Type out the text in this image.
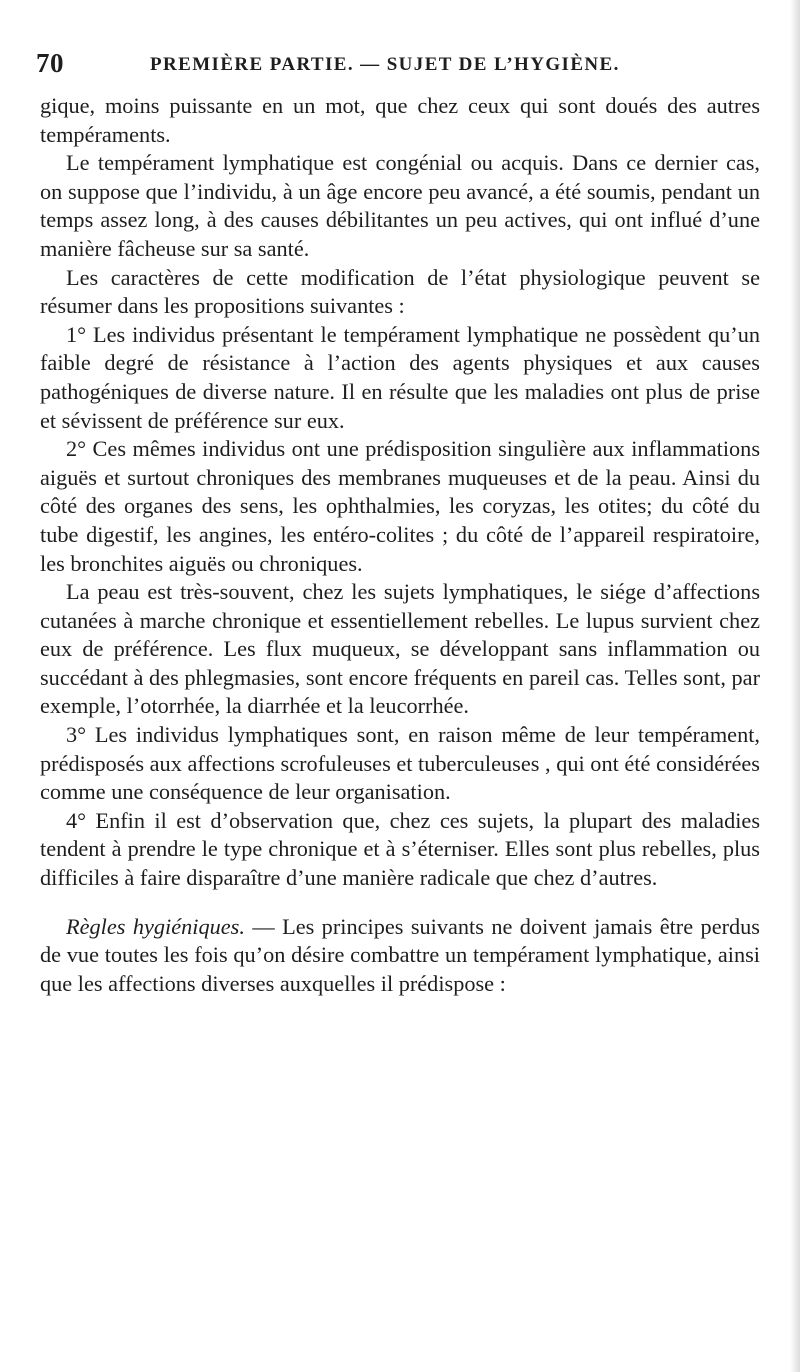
70	PREMIÈRE PARTIE. — SUJET DE L’HYGIÈNE.

gique, moins puissante en un mot, que chez ceux qui sont doués des autres tempéraments.

Le tempérament lymphatique est congénial ou acquis. Dans ce dernier cas, on suppose que l’individu, à un âge encore peu avancé, a été soumis, pendant un temps assez long, à des causes débilitantes un peu actives, qui ont influé d’une manière fâcheuse sur sa santé.

Les caractères de cette modification de l’état physiologique peuvent se résumer dans les propositions suivantes :

1° Les individus présentant le tempérament lymphatique ne possèdent qu’un faible degré de résistance à l’action des agents physiques et aux causes pathogéniques de diverse nature. Il en résulte que les maladies ont plus de prise et sévissent de préférence sur eux.

2° Ces mêmes individus ont une prédisposition singulière aux inflammations aiguës et surtout chroniques des membranes muqueuses et de la peau. Ainsi du côté des organes des sens, les ophthalmies, les coryzas, les otites; du côté du tube digestif, les angines, les entéro-colites ; du côté de l’appareil respiratoire, les bronchites aiguës ou chroniques.

La peau est très-souvent, chez les sujets lymphatiques, le siége d’affections cutanées à marche chronique et essentiellement rebelles. Le lupus survient chez eux de préférence. Les flux muqueux, se développant sans inflammation ou succédant à des phlegmasies, sont encore fréquents en pareil cas. Telles sont, par exemple, l’otorrhée, la diarrhée et la leucorrhée.

3° Les individus lymphatiques sont, en raison même de leur tempérament, prédisposés aux affections scrofuleuses et tuberculeuses , qui ont été considérées comme une conséquence de leur organisation.

4° Enfin il est d’observation que, chez ces sujets, la plupart des maladies tendent à prendre le type chronique et à s’éterniser. Elles sont plus rebelles, plus difficiles à faire disparaître d’une manière radicale que chez d’autres.

Règles hygiéniques. — Les principes suivants ne doivent jamais être perdus de vue toutes les fois qu’on désire combattre un tempérament lymphatique, ainsi que les affections diverses auxquelles il prédispose :
